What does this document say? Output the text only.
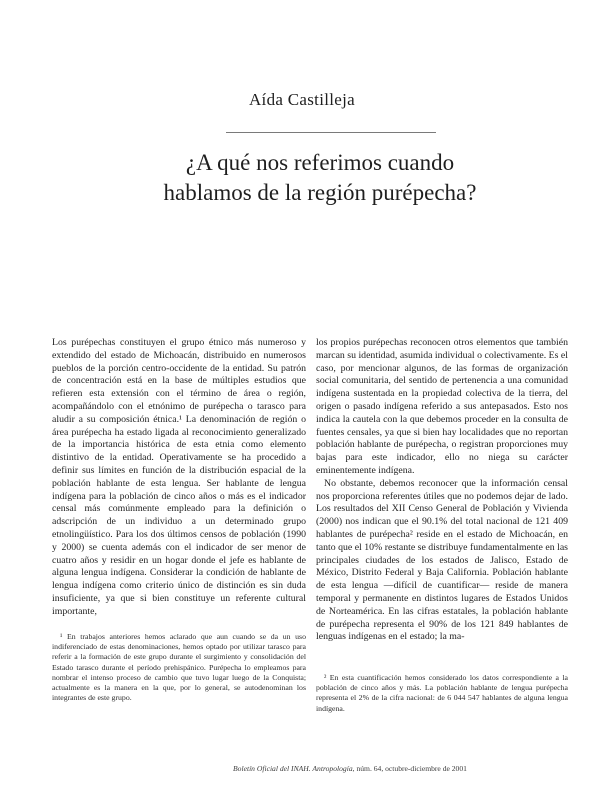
Aída Castilleja
¿A qué nos referimos cuando
hablamos de la región purépecha?

Los purépechas constituyen el grupo étnico más numeroso y extendido del estado de Michoacán, distribuido en numerosos pueblos de la porción centro-occidente de la entidad. Su patrón de concentración está en la base de múltiples estudios que refieren esta extensión con el término de área o región, acompañándolo con el etnónimo de purépecha o tarasco para aludir a su composición étnica.¹ La denominación de región o área purépecha ha estado ligada al reconocimiento generalizado de la importancia histórica de esta etnia como elemento distintivo de la entidad. Operativamente se ha procedido a definir sus límites en función de la distribución espacial de la población hablante de esta lengua. Ser hablante de lengua indígena para la población de cinco años o más es el indicador censal más comúnmente empleado para la definición o adscripción de un individuo a un determinado grupo etnolingüístico. Para los dos últimos censos de población (1990 y 2000) se cuenta además con el indicador de ser menor de cuatro años y residir en un hogar donde el jefe es hablante de alguna lengua indígena. Considerar la condición de hablante de lengua indígena como criterio único de distinción es sin duda insuficiente, ya que si bien constituye un referente cultural importante,

los propios purépechas reconocen otros elementos que también marcan su identidad, asumida individual o colectivamente. Es el caso, por mencionar algunos, de las formas de organización social comunitaria, del sentido de pertenencia a una comunidad indígena sustentada en la propiedad colectiva de la tierra, del origen o pasado indígena referido a sus antepasados. Esto nos indica la cautela con la que debemos proceder en la consulta de fuentes censales, ya que si bien hay localidades que no reportan población hablante de purépecha, o registran proporciones muy bajas para este indicador, ello no niega su carácter eminentemente indígena.

No obstante, debemos reconocer que la información censal nos proporciona referentes útiles que no podemos dejar de lado. Los resultados del XII Censo General de Población y Vivienda (2000) nos indican que el 90.1% del total nacional de 121 409 hablantes de purépecha² reside en el estado de Michoacán, en tanto que el 10% restante se distribuye fundamentalmente en las principales ciudades de los estados de Jalisco, Estado de México, Distrito Federal y Baja California. Población hablante de esta lengua —difícil de cuantificar— reside de manera temporal y permanente en distintos lugares de Estados Unidos de Norteamérica. En las cifras estatales, la población hablante de purépecha representa el 90% de los 121 849 hablantes de lenguas indígenas en el estado; la ma-

¹ En trabajos anteriores hemos aclarado que aun cuando se da un uso indiferenciado de estas denominaciones, hemos optado por utilizar tarasco para referir a la formación de este grupo durante el surgimiento y consolidación del Estado tarasco durante el período prehispánico. Purépecha lo empleamos para nombrar el intenso proceso de cambio que tuvo lugar luego de la Conquista; actualmente es la manera en la que, por lo general, se autodenominan los integrantes de este grupo.

² En esta cuantificación hemos considerado los datos correspondiente a la población de cinco años y más. La población hablante de lengua purépecha representa el 2% de la cifra nacional: de 6 044 547 hablantes de alguna lengua indígena.

Boletín Oficial del INAH. Antropología, núm. 64, octubre-diciembre de 2001
